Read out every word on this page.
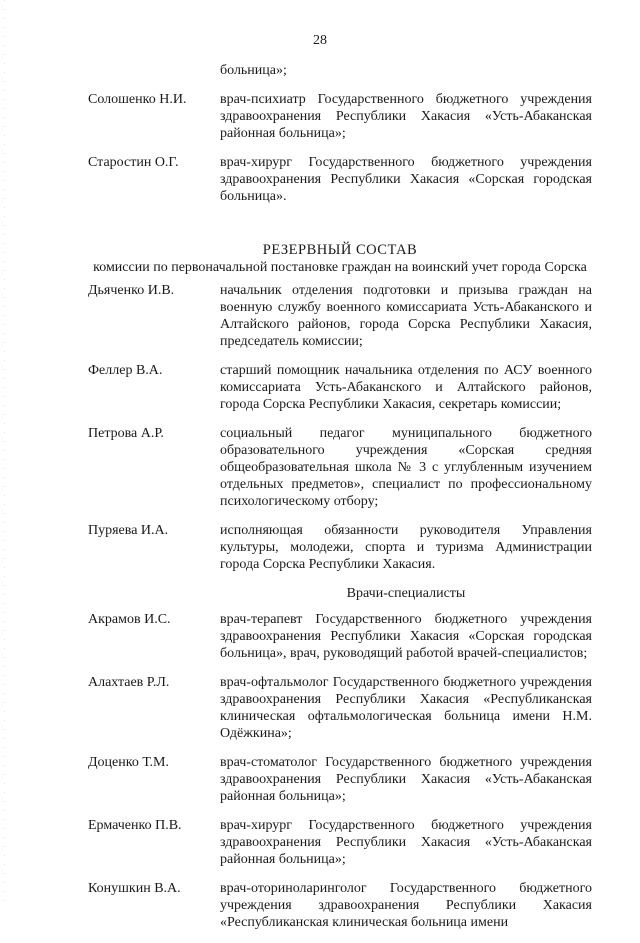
28
больница»;
Солошенко Н.И.	врач-психиатр Государственного бюджетного учреждения здравоохранения Республики Хакасия «Усть-Абаканская районная больница»;
Старостин О.Г.	врач-хирург Государственного бюджетного учреждения здравоохранения Республики Хакасия «Сорская городская больница».
РЕЗЕРВНЫЙ СОСТАВ
комиссии по первоначальной постановке граждан на воинский учет города Сорска
Дьяченко И.В.	начальник отделения подготовки и призыва граждан на военную службу военного комиссариата Усть-Абаканского и Алтайского районов, города Сорска Республики Хакасия, председатель комиссии;
Феллер В.А.	старший помощник начальника отделения по АСУ военного комиссариата Усть-Абаканского и Алтайского районов, города Сорска Республики Хакасия, секретарь комиссии;
Петрова А.Р.	социальный педагог муниципального бюджетного образовательного учреждения «Сорская средняя общеобразовательная школа № 3 с углубленным изучением отдельных предметов», специалист по профессиональному психологическому отбору;
Пуряева И.А.	исполняющая обязанности руководителя Управления культуры, молодежи, спорта и туризма Администрации города Сорска Республики Хакасия.
Врачи-специалисты
Акрамов И.С.	врач-терапевт Государственного бюджетного учреждения здравоохранения Республики Хакасия «Сорская городская больница», врач, руководящий работой врачей-специалистов;
Алахтаев Р.Л.	врач-офтальмолог Государственного бюджетного учреждения здравоохранения Республики Хакасия «Республиканская клиническая офтальмологическая больница имени Н.М. Одёжкина»;
Доценко Т.М.	врач-стоматолог Государственного бюджетного учреждения здравоохранения Республики Хакасия «Усть-Абаканская районная больница»;
Ермаченко П.В.	врач-хирург Государственного бюджетного учреждения здравоохранения Республики Хакасия «Усть-Абаканская районная больница»;
Конушкин В.А.	врач-оториноларинголог Государственного бюджетного учреждения здравоохранения Республики Хакасия «Республиканская клиническая больница имени
